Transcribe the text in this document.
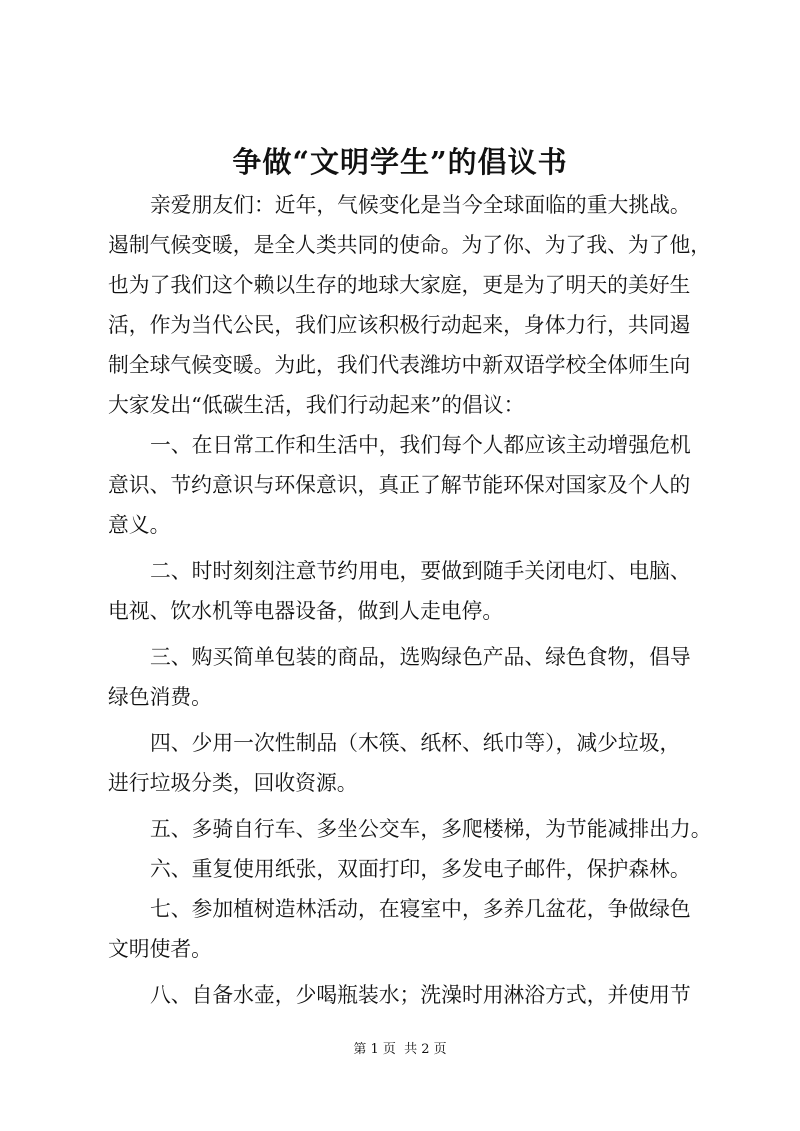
争做“文明学生”的倡议书
亲爱朋友们：近年，气候变化是当今全球面临的重大挑战。
遏制气候变暖，是全人类共同的使命。为了你、为了我、为了他，
也为了我们这个赖以生存的地球大家庭，更是为了明天的美好生
活，作为当代公民，我们应该积极行动起来，身体力行，共同遏
制全球气候变暖。为此，我们代表潍坊中新双语学校全体师生向
大家发出“低碳生活，我们行动起来”的倡议：
一、在日常工作和生活中，我们每个人都应该主动增强危机
意识、节约意识与环保意识，真正了解节能环保对国家及个人的
意义。
二、时时刻刻注意节约用电，要做到随手关闭电灯、电脑、
电视、饮水机等电器设备，做到人走电停。
三、购买简单包装的商品，选购绿色产品、绿色食物，倡导
绿色消费。
四、少用一次性制品（木筷、纸杯、纸巾等），减少垃圾，
进行垃圾分类，回收资源。
五、多骑自行车、多坐公交车，多爬楼梯，为节能减排出力。
六、重复使用纸张，双面打印，多发电子邮件，保护森林。
七、参加植树造林活动，在寝室中，多养几盆花，争做绿色
文明使者。
八、自备水壶，少喝瓶装水；洗澡时用淋浴方式，并使用节
第 1 页 共 2 页
